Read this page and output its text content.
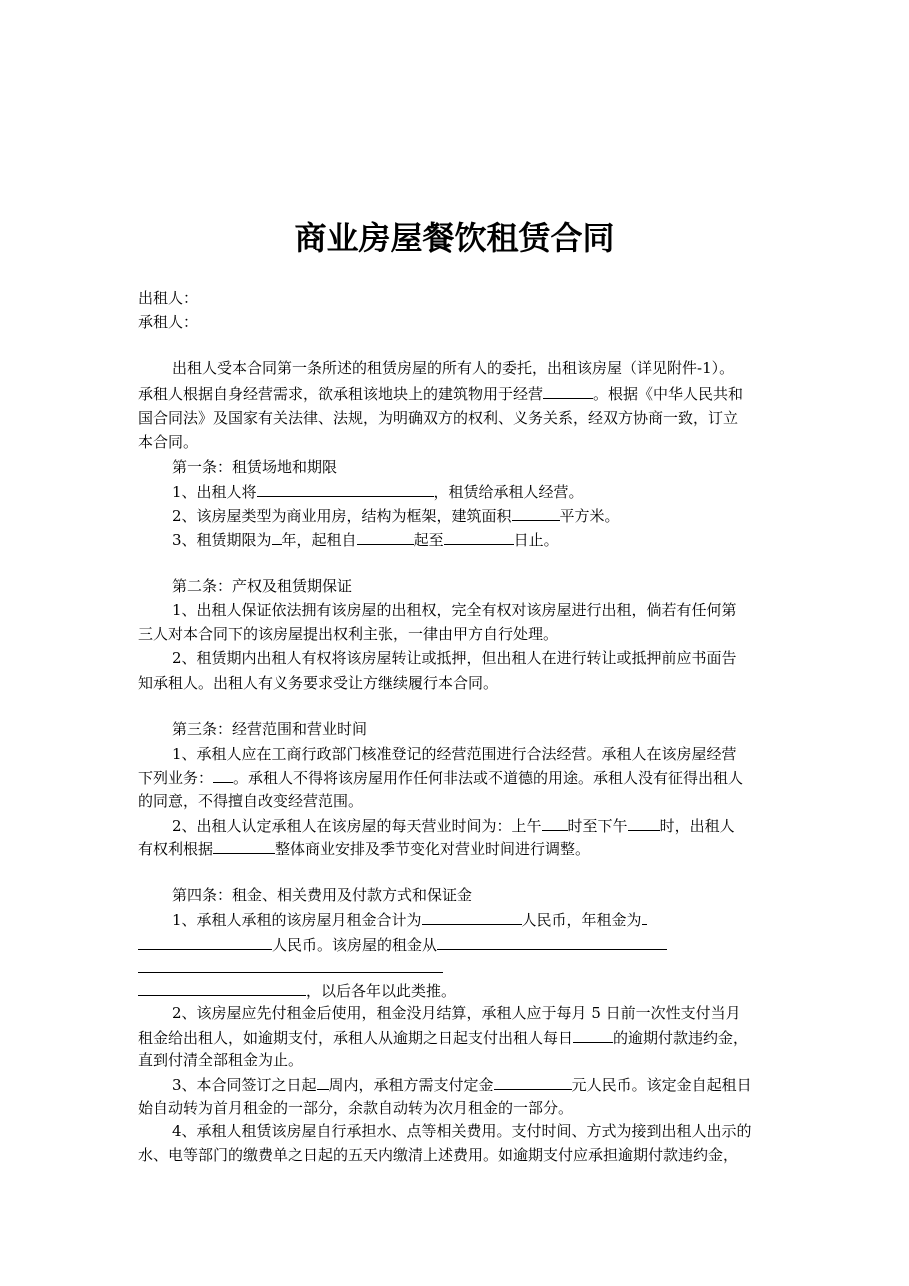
商业房屋餐饮租赁合同
出租人：
承租人：
出租人受本合同第一条所述的租赁房屋的所有人的委托，出租该房屋（详见附件-1）。
承租人根据自身经营需求，欲承租该地块上的建筑物用于经营	。根据《中华人民共和
国合同法》及国家有关法律、法规，为明确双方的权利、义务关系，经双方协商一致，订立
本合同。
第一条：租赁场地和期限
1、出租人将	，租赁给承租人经营。
2、该房屋类型为商业用房，结构为框架，建筑面积	平方米。
3、租赁期限为 年，起租自	起至	日止。
第二条：产权及租赁期保证
1、出租人保证依法拥有该房屋的出租权，完全有权对该房屋进行出租，倘若有任何第
三人对本合同下的该房屋提出权利主张，一律由甲方自行处理。
2、租赁期内出租人有权将该房屋转让或抵押，但出租人在进行转让或抵押前应书面告
知承租人。出租人有义务要求受让方继续履行本合同。
第三条：经营范围和营业时间
1、承租人应在工商行政部门核准登记的经营范围进行合法经营。承租人在该房屋经营
下列业务： 。承租人不得将该房屋用作任何非法或不道德的用途。承租人没有征得出租人
的同意，不得擅自改变经营范围。
2、出租人认定承租人在该房屋的每天营业时间为：上午 时至下午 时，出租人
有权利根据	整体商业安排及季节变化对营业时间进行调整。
第四条：租金、相关费用及付款方式和保证金
1、承租人承租的该房屋月租金合计为	人民币，年租金为
人民币。该房屋的租金从
，以后各年以此类推。
2、该房屋应先付租金后使用，租金没月结算，承租人应于每月 5 日前一次性支付当月
租金给出租人，如逾期支付，承租人从逾期之日起支付出租人每日	的逾期付款违约金，
直到付清全部租金为止。
3、本合同签订之日起 周内，承租方需支付定金	元人民币。该定金自起租日
始自动转为首月租金的一部分，余款自动转为次月租金的一部分。
4、承租人租赁该房屋自行承担水、点等相关费用。支付时间、方式为接到出租人出示的
水、电等部门的缴费单之日起的五天内缴清上述费用。如逾期支付应承担逾期付款违约金，
